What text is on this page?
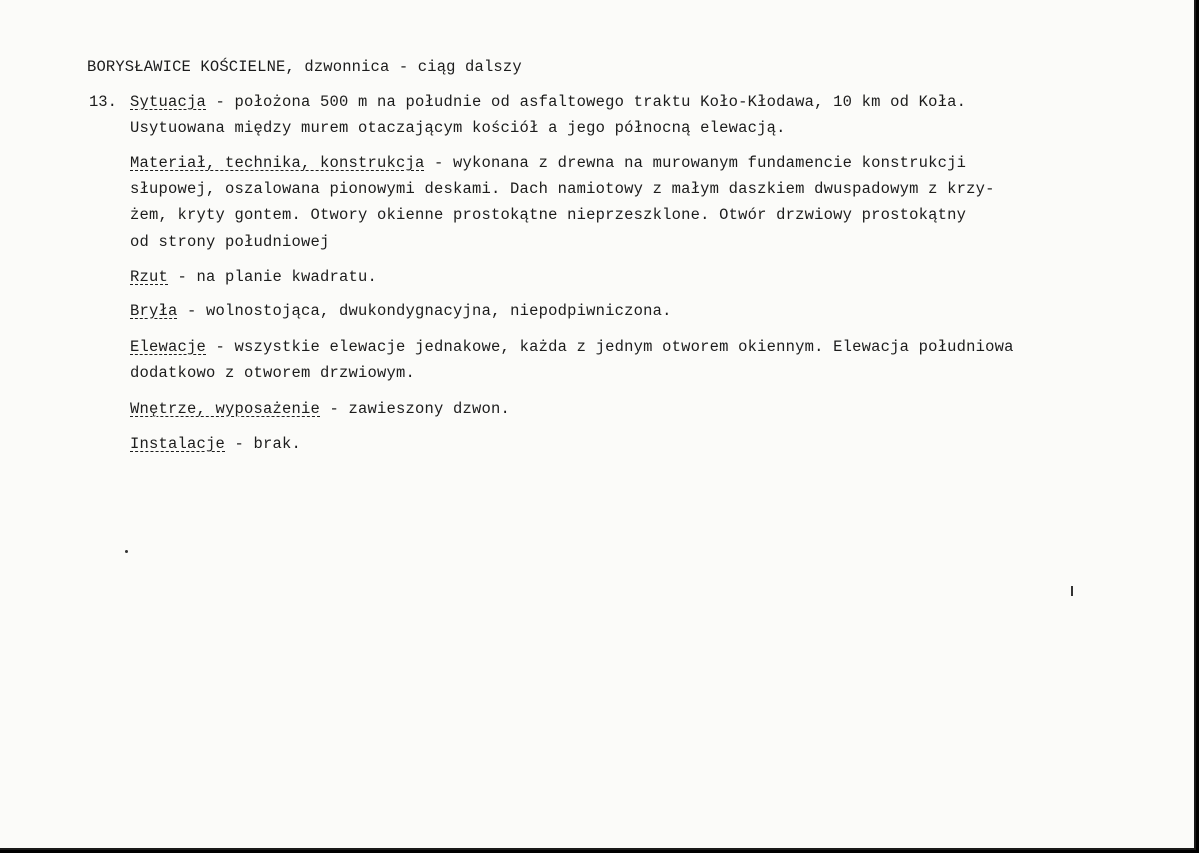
BORYSŁAWICE KOŚCIELNE, dzwonnica - ciąg dalszy
13. Sytuacja - położona 500 m na południe od asfaltowego traktu Koło-Kłodawa, 10 km od Koła.
Usytuowana między murem otaczającym kościół a jego północną elewacją.
Materiał, technika, konstrukcja - wykonana z drewna na murowanym fundamencie konstrukcji
słupowej, oszalowana pionowymi deskami. Dach namiotowy z małym daszkiem dwuspadowym z krzy-
żem, kryty gontem. Otwory okienne prostokątne nieprzeszklone. Otwór drzwiowy prostokątny
od strony południowej
Rzut - na planie kwadratu.
Bryła - wolnostojąca, dwukondygnacyjna, niepodpiwniczona.
Elewacje - wszystkie elewacje jednakowe, każda z jednym otworem okiennym. Elewacja południowa
dodatkowo z otworem drzwiowym.
Wnętrze, wyposażenie - zawieszony dzwon.
Instalacje - brak.
